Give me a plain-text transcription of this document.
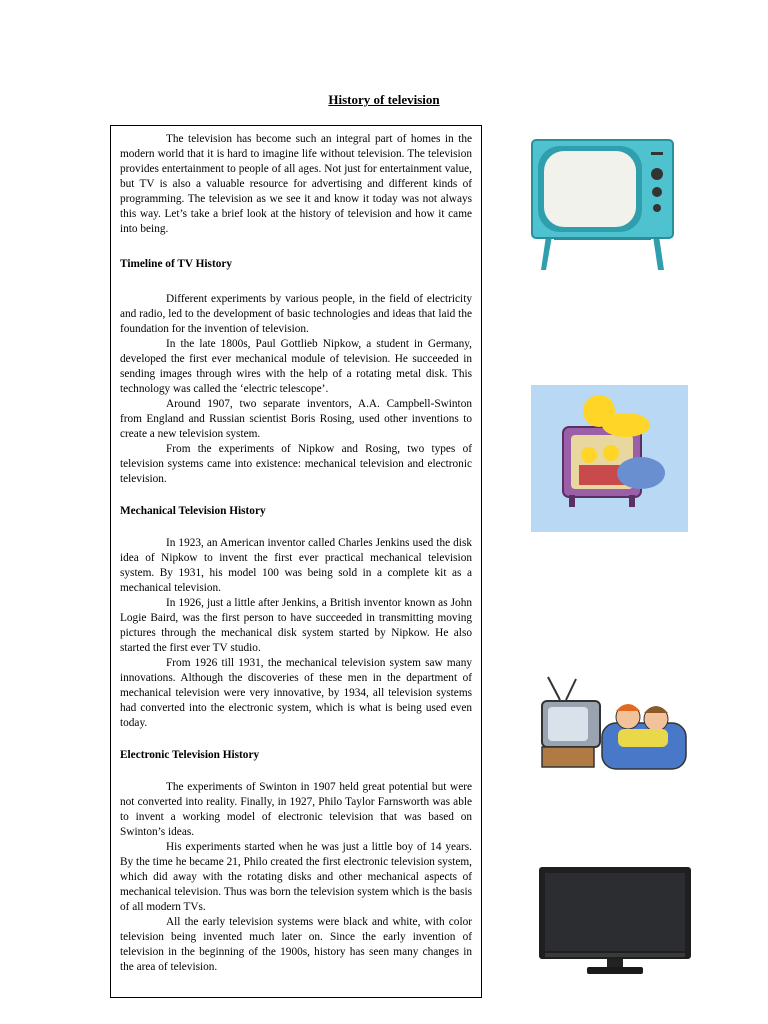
History of television

The television has become such an integral part of homes in the modern world that it is hard to imagine life without television. The television provides entertainment to people of all ages. Not just for entertainment value, but TV is also a valuable resource for advertising and different kinds of programming. The television as we see it and know it today was not always this way. Let’s take a brief look at the history of television and how it came into being.

Timeline of TV History

Different experiments by various people, in the field of electricity and radio, led to the development of basic technologies and ideas that laid the foundation for the invention of television.

In the late 1800s, Paul Gottlieb Nipkow, a student in Germany, developed the first ever mechanical module of television. He succeeded in sending images through wires with the help of a rotating metal disk. This technology was called the ‘electric telescope’.

Around 1907, two separate inventors, A.A. Campbell-Swinton from England and Russian scientist Boris Rosing, used other inventions to create a new television system.

From the experiments of Nipkow and Rosing, two types of television systems came into existence: mechanical television and electronic television.

Mechanical Television History

In 1923, an American inventor called Charles Jenkins used the disk idea of Nipkow to invent the first ever practical mechanical television system. By 1931, his model 100 was being sold in a complete kit as a mechanical television.

In 1926, just a little after Jenkins, a British inventor known as John Logie Baird, was the first person to have succeeded in transmitting moving pictures through the mechanical disk system started by Nipkow. He also started the first ever TV studio.

From 1926 till 1931, the mechanical television system saw many innovations. Although the discoveries of these men in the department of mechanical television were very innovative, by 1934, all television systems had converted into the electronic system, which is what is being used even today.

Electronic Television History

The experiments of Swinton in 1907 held great potential but were not converted into reality. Finally, in 1927, Philo Taylor Farnsworth was able to invent a working model of electronic television that was based on Swinton’s ideas.

His experiments started when he was just a little boy of 14 years. By the time he became 21, Philo created the first electronic television system, which did away with the rotating disks and other mechanical aspects of mechanical television. Thus was born the television system which is the basis of all modern TVs.

All the early television systems were black and white, with color television being invented much later on. Since the early invention of television in the beginning of the 1900s, history has seen many changes in the area of television.
